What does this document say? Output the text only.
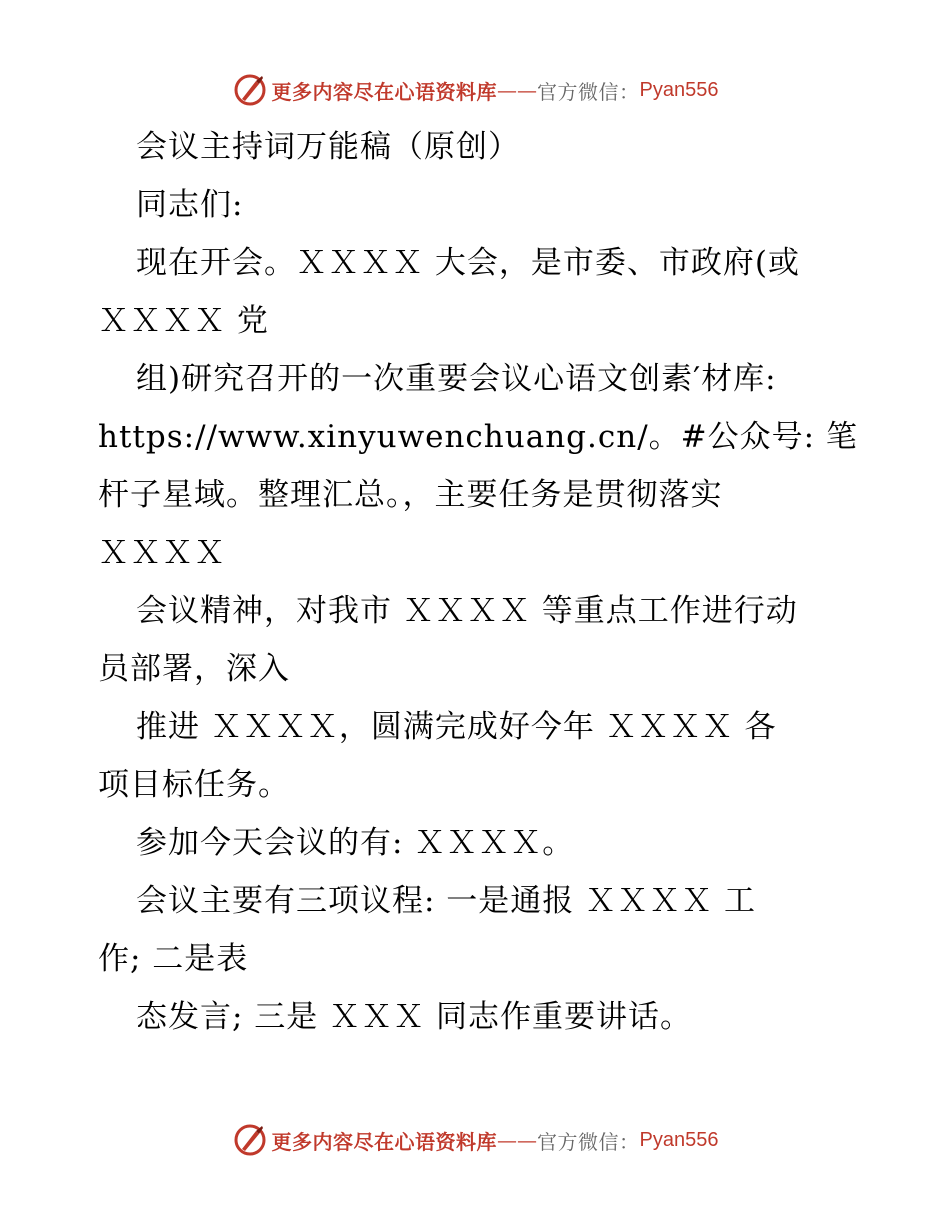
更多内容尽在心语资料库 —— 官方微信： Pyan556
会议主持词万能稿（原创）
同志们:
现在开会。ＸＸＸＸ 大会，是市委、市政府(或
ＸＸＸＸ 党
组)研究召开的一次重要会议心语文创素′材库:
https://www.xinyuwenchuang.cn/。#公众号: 笔
杆子星域。整理汇总。，主要任务是贯彻落实
ＸＸＸＸ
会议精神，对我市 ＸＸＸＸ 等重点工作进行动
员部署，深入
推进 ＸＸＸＸ，圆满完成好今年 ＸＸＸＸ 各
项目标任务。
参加今天会议的有: ＸＸＸＸ。
会议主要有三项议程: 一是通报 ＸＸＸＸ 工
作; 二是表
态发言; 三是 ＸＸＸ 同志作重要讲话。
更多内容尽在心语资料库 —— 官方微信： Pyan556
